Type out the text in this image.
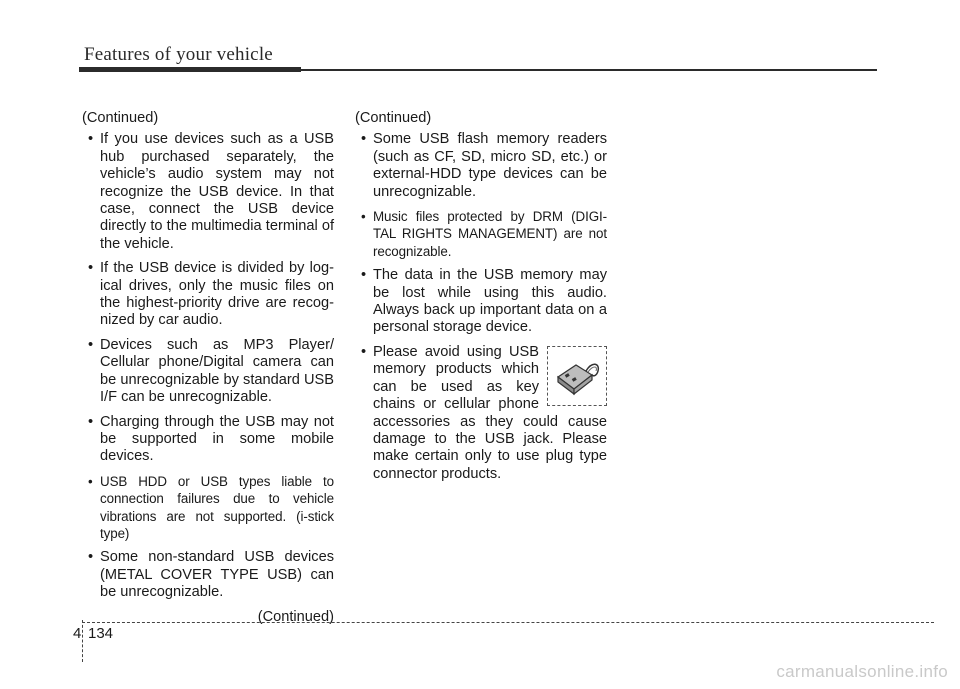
Features of your vehicle

(Continued)

• If you use devices such as a USB hub purchased separately, the vehicle’s audio system may not recognize the USB device. In that case, connect the USB device directly to the multimedia terminal of the vehicle.
• If the USB device is divided by log-ical drives, only the music files on the highest-priority drive are recog-nized by car audio.
• Devices such as MP3 Player/ Cellular phone/Digital camera can be unrecognizable by standard USB I/F can be unrecognizable.
• Charging through the USB may not be supported in some mobile devices.
• USB HDD or USB types liable to connection failures due to vehicle vibrations are not supported. (i-stick type)
• Some non-standard USB devices (METAL COVER TYPE USB) can be unrecognizable.

(Continued)

(Continued)

• Some USB flash memory readers (such as CF, SD, micro SD, etc.) or external-HDD type devices can be unrecognizable.
• Music files protected by DRM (DIGI-TAL RIGHTS MANAGEMENT) are not recognizable.
• The data in the USB memory may be lost while using this audio. Always back up important data on a personal storage device.
• Please avoid using USB memory products which can be used as key chains or cellular phone accessories as they could cause damage to the USB jack. Please make certain only to use plug type connector products.
4 134
carmanualsonline.info
